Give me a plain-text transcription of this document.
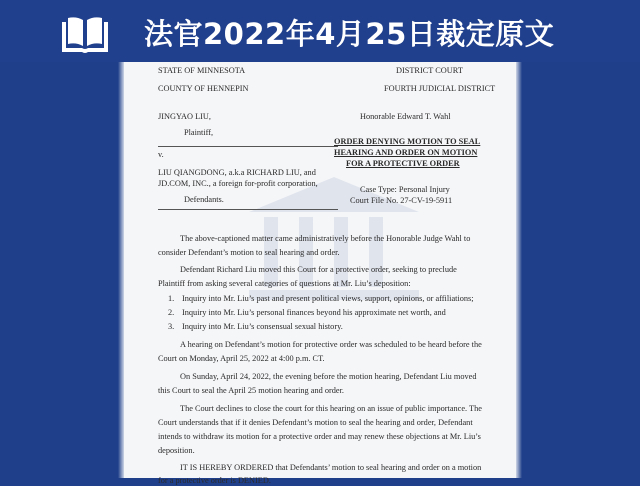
法官2022年4月25日裁定原文
STATE OF MINNESOTA	DISTRICT COURT
COUNTY OF HENNEPIN	FOURTH JUDICIAL DISTRICT
JINGYAO LIU,	Honorable Edward T. Wahl
Plaintiff,
ORDER DENYING MOTION TO SEAL
HEARING AND ORDER ON MOTION
FOR A PROTECTIVE ORDER
v.
LIU QIANGDONG, a.k.a RICHARD LIU, and
JD.COM, INC., a foreign for-profit corporation,
Case Type: Personal Injury
Defendants.	Court File No. 27-CV-19-5911
The above-captioned matter came administratively before the Honorable Judge Wahl to
consider Defendant’s motion to seal hearing and order.
Defendant Richard Liu moved this Court for a protective order, seeking to preclude
Plaintiff from asking several categories of questions at Mr. Liu’s deposition:
1. Inquiry into Mr. Liu’s past and present political views, support, opinions, or affiliations;
2. Inquiry into Mr. Liu’s personal finances beyond his approximate net worth, and
3. Inquiry into Mr. Liu’s consensual sexual history.
A hearing on Defendant’s motion for protective order was scheduled to be heard before the
Court on Monday, April 25, 2022 at 4:00 p.m. CT.
On Sunday, April 24, 2022, the evening before the motion hearing, Defendant Liu moved
this Court to seal the April 25 motion hearing and order.
The Court declines to close the court for this hearing on an issue of public importance. The
Court understands that if it denies Defendant’s motion to seal the hearing and order, Defendant
intends to withdraw its motion for a protective order and may renew these objections at Mr. Liu’s
deposition.
IT IS HEREBY ORDERED that Defendants’ motion to seal hearing and order on a motion
for a protective order is DENIED.
